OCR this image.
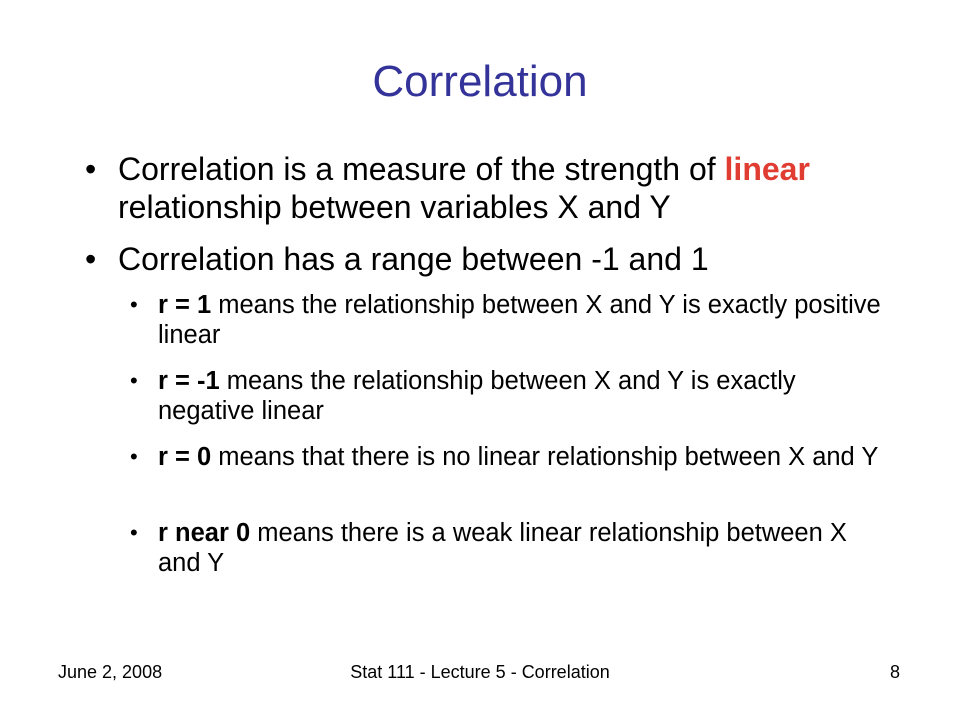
Correlation
• Correlation is a measure of the strength of linear relationship between variables X and Y
• Correlation has a range between -1 and 1
• r = 1 means the relationship between X and Y is exactly positive linear
• r = -1 means the relationship between X and Y is exactly negative linear
• r = 0 means that there is no linear relationship between X and Y
• r near 0 means there is a weak linear relationship between X and Y
June 2, 2008	Stat 111 - Lecture 5 - Correlation	8
